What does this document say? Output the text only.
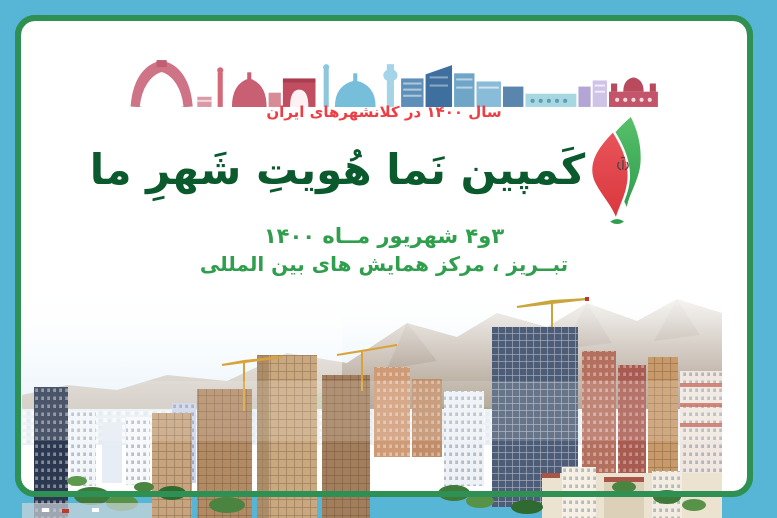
سال ۱۴۰۰ در کلانشهرهای ایران
کَمپین نَما هُویتِ شَهرِ ما
۳و۴ شهریور مــاه ۱۴۰۰
تبــریز ، مرکز همایش های بین المللی
